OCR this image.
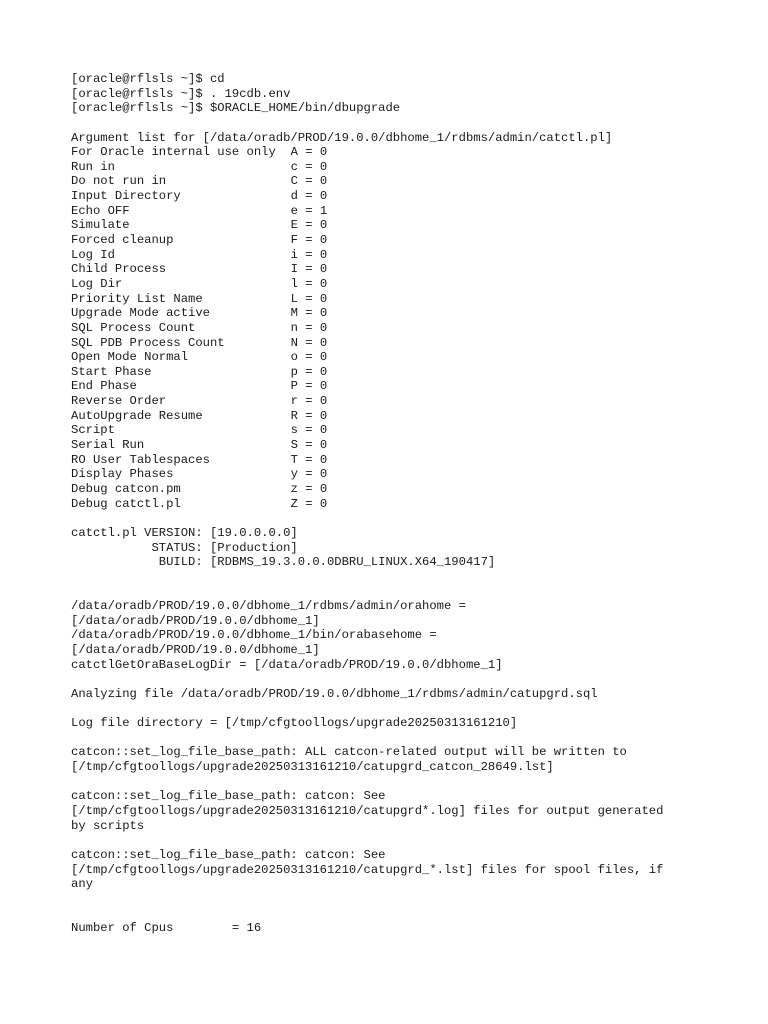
[oracle@rflsls ~]$ cd
[oracle@rflsls ~]$ . 19cdb.env
[oracle@rflsls ~]$ $ORACLE_HOME/bin/dbupgrade
Argument list for [/data/oradb/PROD/19.0.0/dbhome_1/rdbms/admin/catctl.pl]
For Oracle internal use only	A = 0
Run in	c = 0
Do not run in	C = 0
Input Directory	d = 0
Echo OFF	e = 1
Simulate	E = 0
Forced cleanup	F = 0
Log Id	i = 0
Child Process	I = 0
Log Dir	l = 0
Priority List Name	L = 0
Upgrade Mode active	M = 0
SQL Process Count	n = 0
SQL PDB Process Count	N = 0
Open Mode Normal	o = 0
Start Phase	p = 0
End Phase	P = 0
Reverse Order	r = 0
AutoUpgrade Resume	R = 0
Script	s = 0
Serial Run	S = 0
RO User Tablespaces	T = 0
Display Phases	y = 0
Debug catcon.pm	z = 0
Debug catctl.pl	Z = 0
catctl.pl VERSION: [19.0.0.0.0]
STATUS: [Production]
BUILD: [RDBMS_19.3.0.0.0DBRU_LINUX.X64_190417]
/data/oradb/PROD/19.0.0/dbhome_1/rdbms/admin/orahome =
[/data/oradb/PROD/19.0.0/dbhome_1]
/data/oradb/PROD/19.0.0/dbhome_1/bin/orabasehome =
[/data/oradb/PROD/19.0.0/dbhome_1]
catctlGetOraBaseLogDir = [/data/oradb/PROD/19.0.0/dbhome_1]
Analyzing file /data/oradb/PROD/19.0.0/dbhome_1/rdbms/admin/catupgrd.sql
Log file directory = [/tmp/cfgtoollogs/upgrade20250313161210]
catcon::set_log_file_base_path: ALL catcon-related output will be written to
[/tmp/cfgtoollogs/upgrade20250313161210/catupgrd_catcon_28649.lst]
catcon::set_log_file_base_path: catcon: See
[/tmp/cfgtoollogs/upgrade20250313161210/catupgrd*.log] files for output generated
by scripts
catcon::set_log_file_base_path: catcon: See
[/tmp/cfgtoollogs/upgrade20250313161210/catupgrd_*.lst] files for spool files, if
any
Number of Cpus        = 16
